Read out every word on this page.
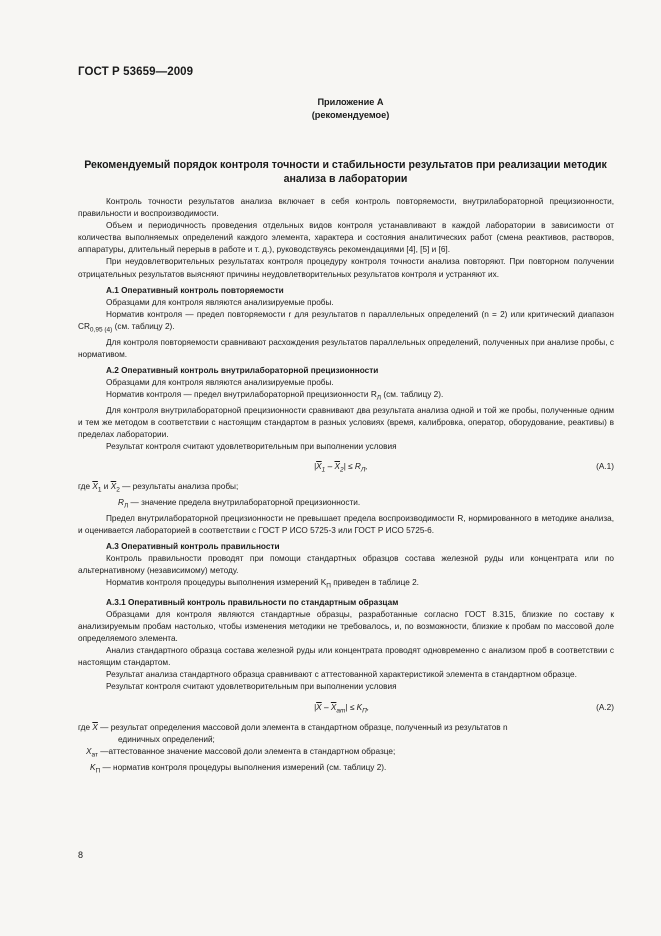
ГОСТ Р 53659—2009
Приложение А
(рекомендуемое)
Рекомендуемый порядок контроля точности и стабильности результатов при реализации методик анализа в лаборатории

Контроль точности результатов анализа включает в себя контроль повторяемости, внутрилабораторной прецизионности, правильности и воспроизводимости.

Объем и периодичность проведения отдельных видов контроля устанавливают в каждой лаборатории в зависимости от количества выполняемых определений каждого элемента, характера и состояния аналитических работ (смена реактивов, растворов, аппаратуры, длительный перерыв в работе и т. д.), руководствуясь рекомендациями [4], [5] и [6].

При неудовлетворительных результатах контроля процедуру контроля точности анализа повторяют. При повторном получении отрицательных результатов выясняют причины неудовлетворительных результатов контроля и устраняют их.

А.1 Оперативный контроль повторяемости

Образцами для контроля являются анализируемые пробы.

Норматив контроля — предел повторяемости r для результатов n параллельных определений (n = 2) или критический диапазон $CR_{0,95 (4)}$ (см. таблицу 2).

Для контроля повторяемости сравнивают расхождения результатов параллельных определений, полученных при анализе пробы, с нормативом.

А.2 Оперативный контроль внутрилабораторной прецизионности

Образцами для контроля являются анализируемые пробы.

Норматив контроля — предел внутрилабораторной прецизионности $R_Л$ (см. таблицу 2).

Для контроля внутрилабораторной прецизионности сравнивают два результата анализа одной и той же пробы, полученные одним и тем же методом в соответствии с настоящим стандартом в разных условиях (время, калибровка, оператор, оборудование, реактивы) в пределах лаборатории.

Результат контроля считают удовлетворительным при выполнении условия

$|\overline{X}_1 - \overline{X}_2| \le R_Л$,	(А.1)

где $\overline{X}_1$ и $\overline{X}_2$ — результаты анализа пробы;

$R_Л$ — значение предела внутрилабораторной прецизионности.

Предел внутрилабораторной прецизионности не превышает предела воспроизводимости R, нормированного в методике анализа, и оценивается лабораторией в соответствии с ГОСТ Р ИСО 5725-3 или ГОСТ Р ИСО 5725-6.

А.3 Оперативный контроль правильности

Контроль правильности проводят при помощи стандартных образцов состава железной руды или концентрата или по альтернативному (независимому) методу.

Норматив контроля процедуры выполнения измерений $K_П$ приведен в таблице 2.

А.3.1 Оперативный контроль правильности по стандартным образцам

Образцами для контроля являются стандартные образцы, разработанные согласно ГОСТ 8.315, близкие по составу к анализируемым пробам настолько, чтобы изменения методики не требовалось, и, по возможности, близкие к пробам по массовой доле определяемого элемента.

Анализ стандартного образца состава железной руды или концентрата проводят одновременно с анализом проб в соответствии с настоящим стандартом.

Результат анализа стандартного образца сравнивают с аттестованной характеристикой элемента в стандартном образце.

Результат контроля считают удовлетворительным при выполнении условия

$|\overline{X} - \overline{X}_{ат}| \le K_П$,	(А.2)

где $\overline{X}$ — результат определения массовой доли элемента в стандартном образце, полученный из результатов n

единичных определений;

$X_{ат}$ —аттестованное значение массовой доли элемента в стандартном образце;

$K_П$ — норматив контроля процедуры выполнения измерений (см. таблицу 2).

8
